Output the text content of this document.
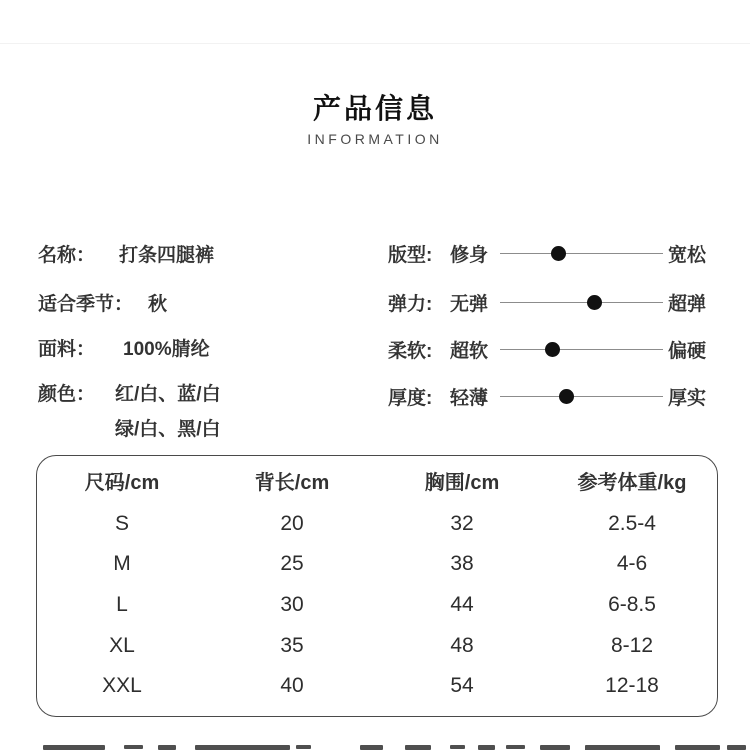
产品信息
INFORMATION
名称： 打条四腿裤
适合季节： 秋
面料： 100%腈纶
颜色： 红/白、蓝/白
绿/白、黑/白
版型: 修身	宽松
弹力: 无弹	超弹
柔软: 超软	偏硬
厚度: 轻薄	厚实
尺码/cm	背长/cm	胸围/cm	参考体重/kg
S	20	32	2.5-4
M	25	38	4-6
L	30	44	6-8.5
XL	35	48	8-12
XXL	40	54	12-18
